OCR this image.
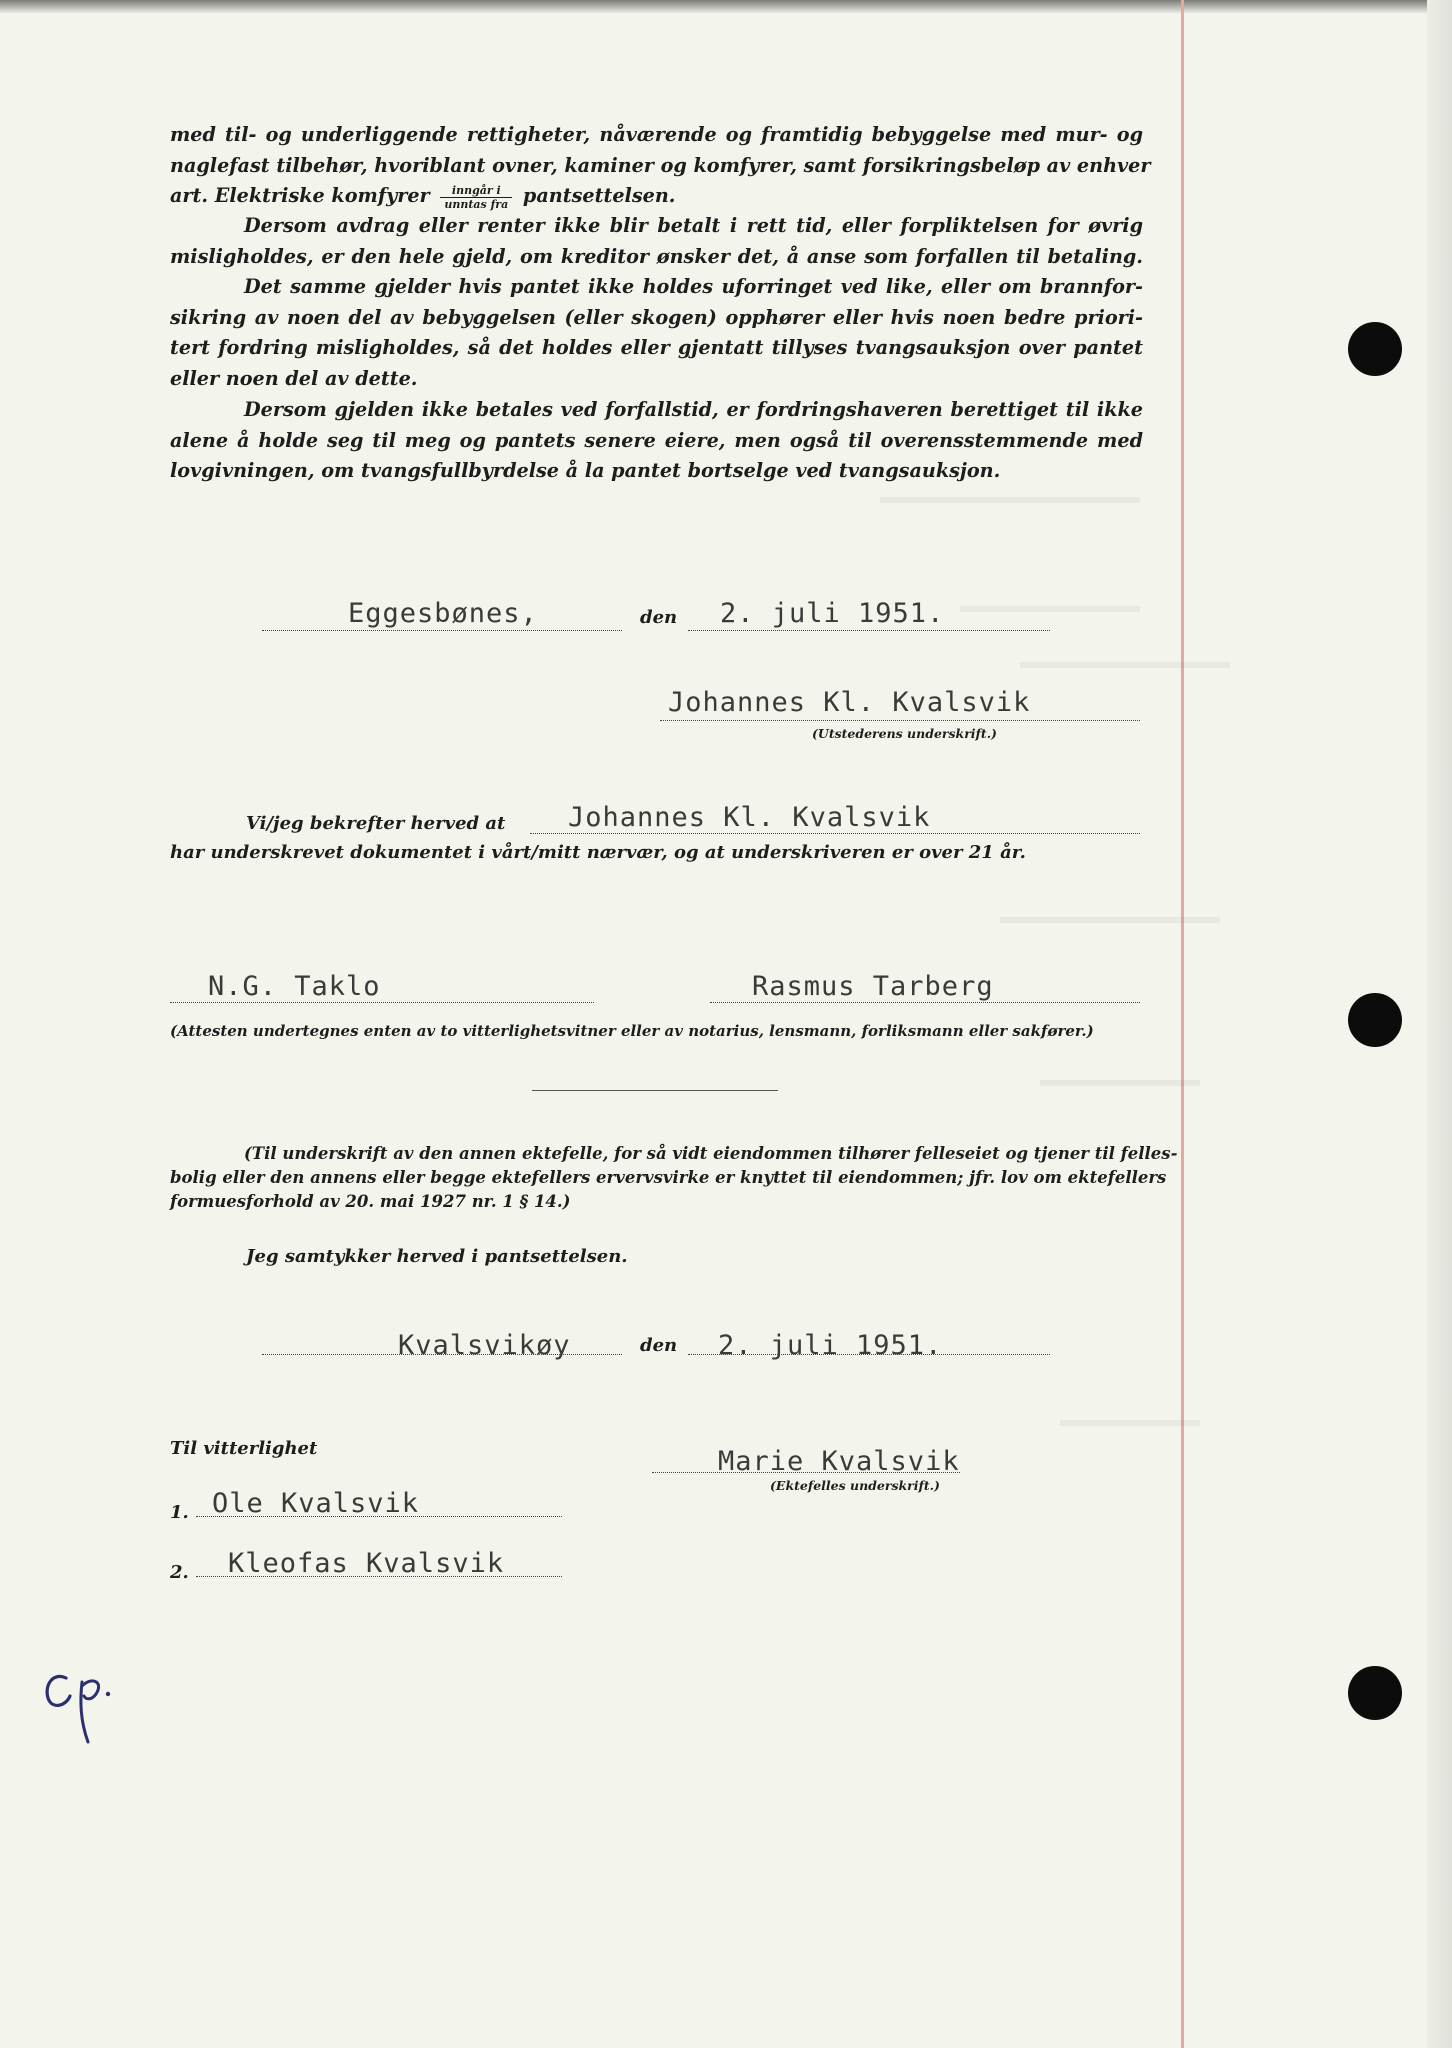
med til- og underliggende rettigheter, nåværende og framtidig bebyggelse med mur- og
naglefast tilbehør, hvoriblant ovner, kaminer og komfyrer, samt forsikringsbeløp av enhver
art. Elektriske komfyrer $\frac{\text{inngår i}}{\text{unntas fra}}$ pantsettelsen.
Dersom avdrag eller renter ikke blir betalt i rett tid, eller forpliktelsen for øvrig
misligholdes, er den hele gjeld, om kreditor ønsker det, å anse som forfallen til betaling.
Det samme gjelder hvis pantet ikke holdes uforringet ved like, eller om brannfor-
sikring av noen del av bebyggelsen (eller skogen) opphører eller hvis noen bedre priori-
tert fordring misligholdes, så det holdes eller gjentatt tillyses tvangsauksjon over pantet
eller noen del av dette.
Dersom gjelden ikke betales ved forfallstid, er fordringshaveren berettiget til ikke
alene å holde seg til meg og pantets senere eiere, men også til overensstemmende med
lovgivningen, om tvangsfullbyrdelse å la pantet bortselge ved tvangsauksjon.
Eggesbønes,	den 2. juli 1951.
Johannes Kl. Kvalsvik
(Utstederens underskrift.)
Vi/jeg bekrefter herved at Johannes Kl. Kvalsvik
har underskrevet dokumentet i vårt/mitt nærvær, og at underskriveren er over 21 år.
N.G. Taklo	Rasmus Tarberg
(Attesten undertegnes enten av to vitterlighetsvitner eller av notarius, lensmann, forliksmann eller sakfører.)
(Til underskrift av den annen ektefelle, for så vidt eiendommen tilhører felleseiet og tjener til felles-
bolig eller den annens eller begge ektefellers ervervsvirke er knyttet til eiendommen; jfr. lov om ektefellers
formuesforhold av 20. mai 1927 nr. 1 § 14.)
Jeg samtykker herved i pantsettelsen.
Kvalsvikøy	den 2. juli 1951.
Marie Kvalsvik
(Ektefelles underskrift.)
Til vitterlighet
1. Ole Kvalsvik
2. Kleofas Kvalsvik
